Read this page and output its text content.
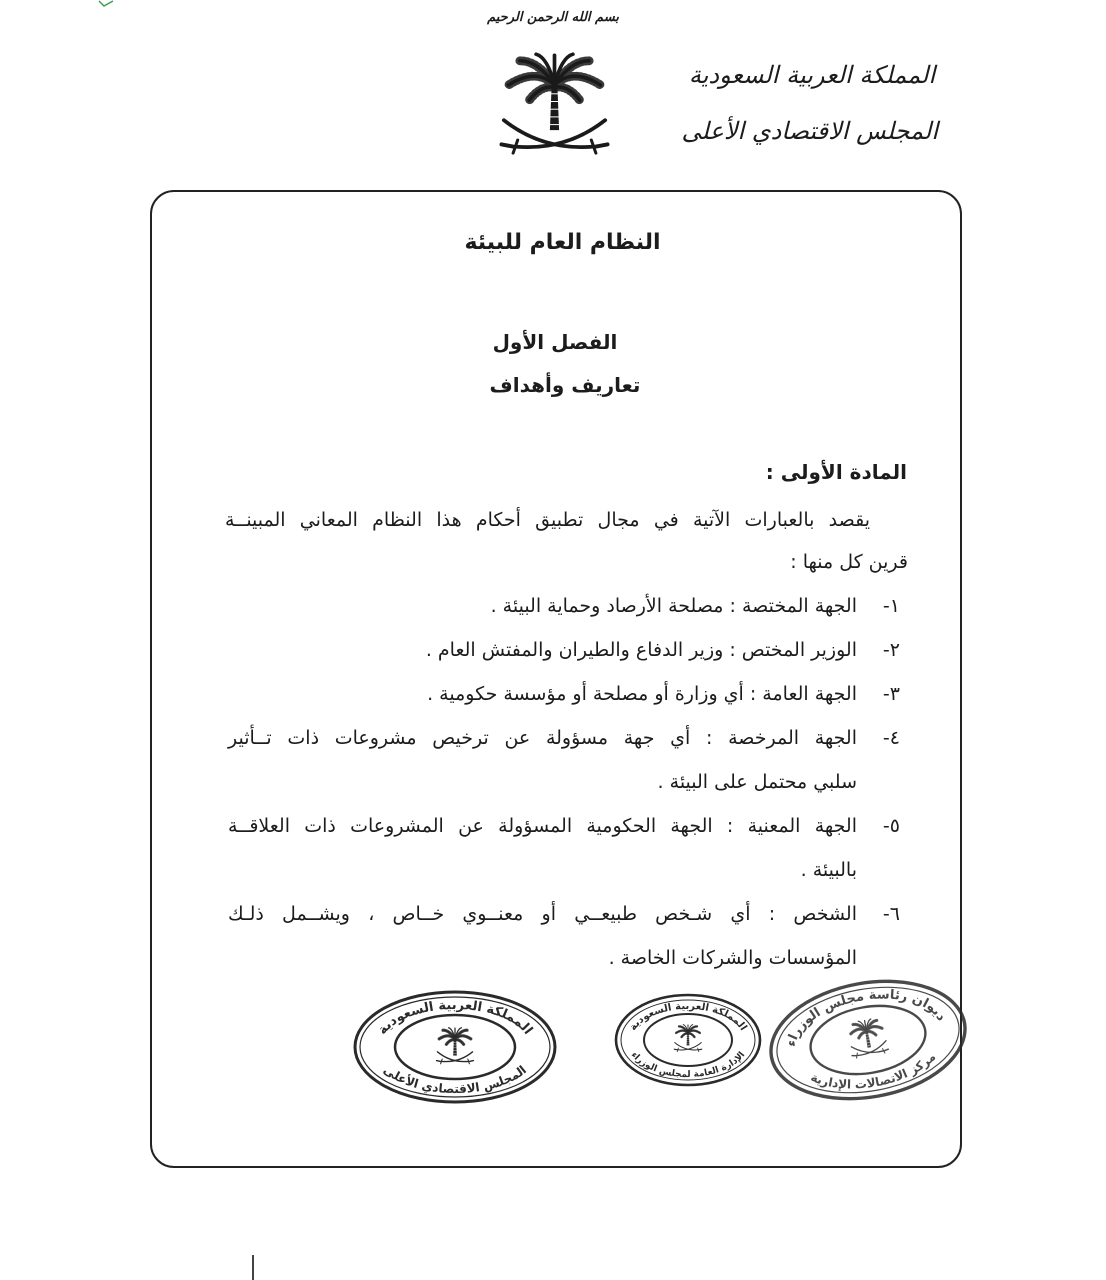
بسم الله الرحمن الرحيم
المملكة العربية السعودية
المجلس الاقتصادي الأعلى
النظام العام للبيئة
الفصل الأول
تعاريف وأهداف
المادة الأولى :
يقصد بالعبارات الآتية في مجال تطبيق أحكام هذا النظام المعاني المبينــة
قرين كل منها :
١-
الجهة المختصة : مصلحة الأرصاد وحماية البيئة .
٢-
الوزير المختص : وزير الدفاع والطيران والمفتش العام .
٣-
الجهة العامة : أي وزارة أو مصلحة أو مؤسسة حكومية .
٤-
الجهة المرخصة : أي جهة مسؤولة عن ترخيص مشروعات ذات تــأثير
سلبي محتمل على البيئة .
٥-
الجهة المعنية : الجهة الحكومية المسؤولة عن المشروعات ذات العلاقــة
بالبيئة .
٦-
الشخص : أي شـخص طبيعــي أو معنــوي خــاص ، ويشــمل ذلـك
المؤسسات والشركات الخاصة .
المملكة العربية السعودية
المجلس الاقتصادي الأعلى
المملكة العربية السعودية
الإدارة العامة لمجلس الوزراء
ديوان رئاسة مجلس الوزراء
مركز الاتصالات الإدارية
